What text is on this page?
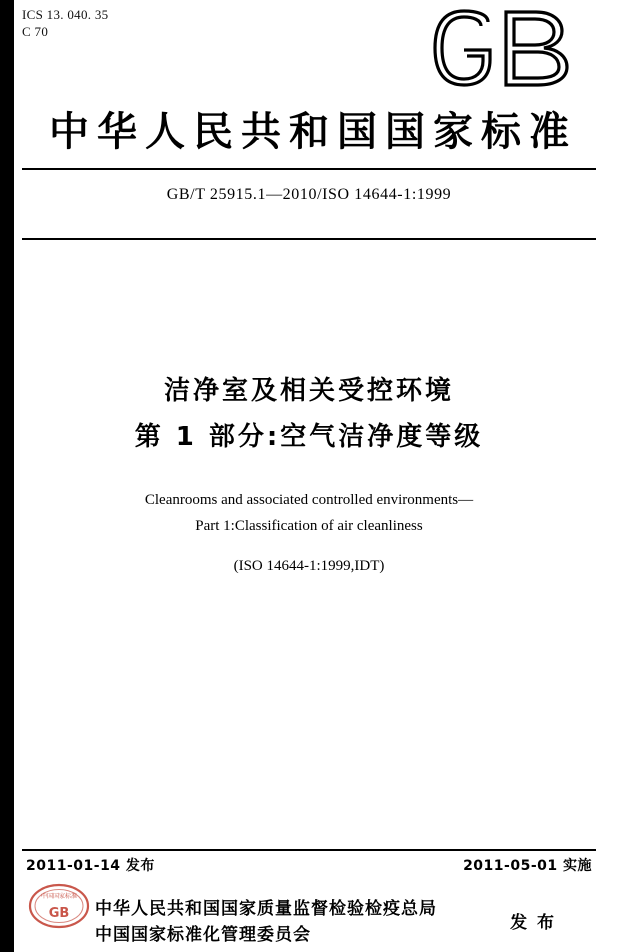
ICS 13. 040. 35
C 70
中华人民共和国国家标准
GB/T 25915.1—2010/ISO 14644-1:1999
洁净室及相关受控环境
第 1 部分:空气洁净度等级
Cleanrooms and associated controlled environments—
Part 1:Classification of air cleanliness
(ISO 14644-1:1999,IDT)
2011-01-14 发布	2011-05-01 实施
中国国家标准
GB 中华人民共和国国家质量监督检验检疫总局
中国国家标准化管理委员会
发 布
